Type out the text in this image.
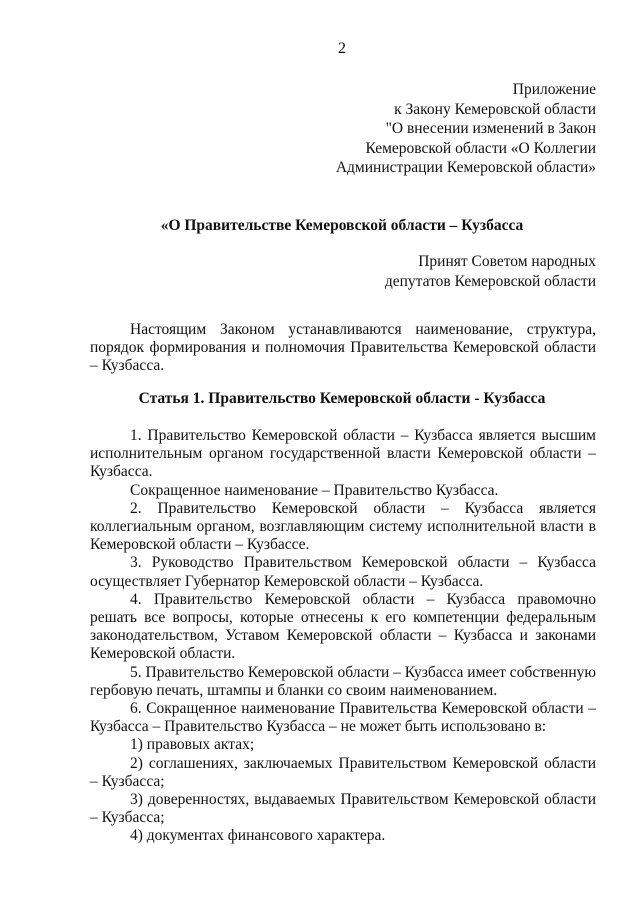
2
Приложение
к Закону Кемеровской области
"О внесении изменений в Закон
Кемеровской области «О Коллегии
Администрации Кемеровской области»
«О Правительстве Кемеровской области – Кузбасса
Принят Советом народных
депутатов Кемеровской области
Настоящим Законом устанавливаются наименование, структура, порядок формирования и полномочия Правительства Кемеровской области – Кузбасса.
Статья 1. Правительство Кемеровской области - Кузбасса

1. Правительство Кемеровской области – Кузбасса является высшим исполнительным органом государственной власти Кемеровской области – Кузбасса.

Сокращенное наименование – Правительство Кузбасса.

2. Правительство Кемеровской области – Кузбасса является коллегиальным органом, возглавляющим систему исполнительной власти в Кемеровской области – Кузбассе.

3. Руководство Правительством Кемеровской области – Кузбасса осуществляет Губернатор Кемеровской области – Кузбасса.

4. Правительство Кемеровской области – Кузбасса правомочно решать все вопросы, которые отнесены к его компетенции федеральным законодательством, Уставом Кемеровской области – Кузбасса и законами Кемеровской области.

5. Правительство Кемеровской области – Кузбасса имеет собственную гербовую печать, штампы и бланки со своим наименованием.

6. Сокращенное наименование Правительства Кемеровской области – Кузбасса – Правительство Кузбасса – не может быть использовано в:

1) правовых актах;

2) соглашениях, заключаемых Правительством Кемеровской области – Кузбасса;

3) доверенностях, выдаваемых Правительством Кемеровской области – Кузбасса;

4) документах финансового характера.
